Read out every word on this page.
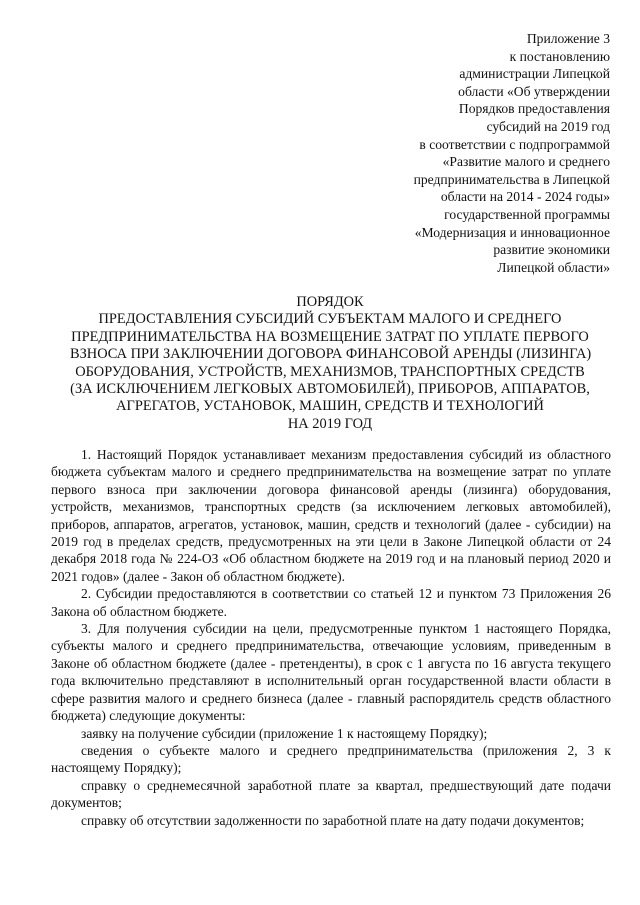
Приложение 3
к постановлению
администрации Липецкой
области «Об утверждении
Порядков предоставления
субсидий на 2019 год
в соответствии с подпрограммой
«Развитие малого и среднего
предпринимательства в Липецкой
области на 2014 - 2024 годы»
государственной программы
«Модернизация и инновационное
развитие экономики
Липецкой области»
ПОРЯДОК
ПРЕДОСТАВЛЕНИЯ СУБСИДИЙ СУБЪЕКТАМ МАЛОГО И СРЕДНЕГО
ПРЕДПРИНИМАТЕЛЬСТВА НА ВОЗМЕЩЕНИЕ ЗАТРАТ ПО УПЛАТЕ ПЕРВОГО
ВЗНОСА ПРИ ЗАКЛЮЧЕНИИ ДОГОВОРА ФИНАНСОВОЙ АРЕНДЫ (ЛИЗИНГА)
ОБОРУДОВАНИЯ, УСТРОЙСТВ, МЕХАНИЗМОВ, ТРАНСПОРТНЫХ СРЕДСТВ
(ЗА ИСКЛЮЧЕНИЕМ ЛЕГКОВЫХ АВТОМОБИЛЕЙ), ПРИБОРОВ, АППАРАТОВ,
АГРЕГАТОВ, УСТАНОВОК, МАШИН, СРЕДСТВ И ТЕХНОЛОГИЙ
НА 2019 ГОД

1. Настоящий Порядок устанавливает механизм предоставления субсидий из областного бюджета субъектам малого и среднего предпринимательства на возмещение затрат по уплате первого взноса при заключении договора финансовой аренды (лизинга) оборудования, устройств, механизмов, транспортных средств (за исключением легковых автомобилей), приборов, аппаратов, агрегатов, установок, машин, средств и технологий (далее - субсидии) на 2019 год в пределах средств, предусмотренных на эти цели в Законе Липецкой области от 24 декабря 2018 года № 224-ОЗ «Об областном бюджете на 2019 год и на плановый период 2020 и 2021 годов» (далее - Закон об областном бюджете).

2. Субсидии предоставляются в соответствии со статьей 12 и пунктом 73 Приложения 26 Закона об областном бюджете.

3. Для получения субсидии на цели, предусмотренные пунктом 1 настоящего Порядка, субъекты малого и среднего предпринимательства, отвечающие условиям, приведенным в Законе об областном бюджете (далее - претенденты), в срок с 1 августа по 16 августа текущего года включительно представляют в исполнительный орган государственной власти области в сфере развития малого и среднего бизнеса (далее - главный распорядитель средств областного бюджета) следующие документы:

заявку на получение субсидии (приложение 1 к настоящему Порядку);

сведения о субъекте малого и среднего предпринимательства (приложения 2, 3 к настоящему Порядку);

справку о среднемесячной заработной плате за квартал, предшествующий дате подачи документов;

справку об отсутствии задолженности по заработной плате на дату подачи документов;
